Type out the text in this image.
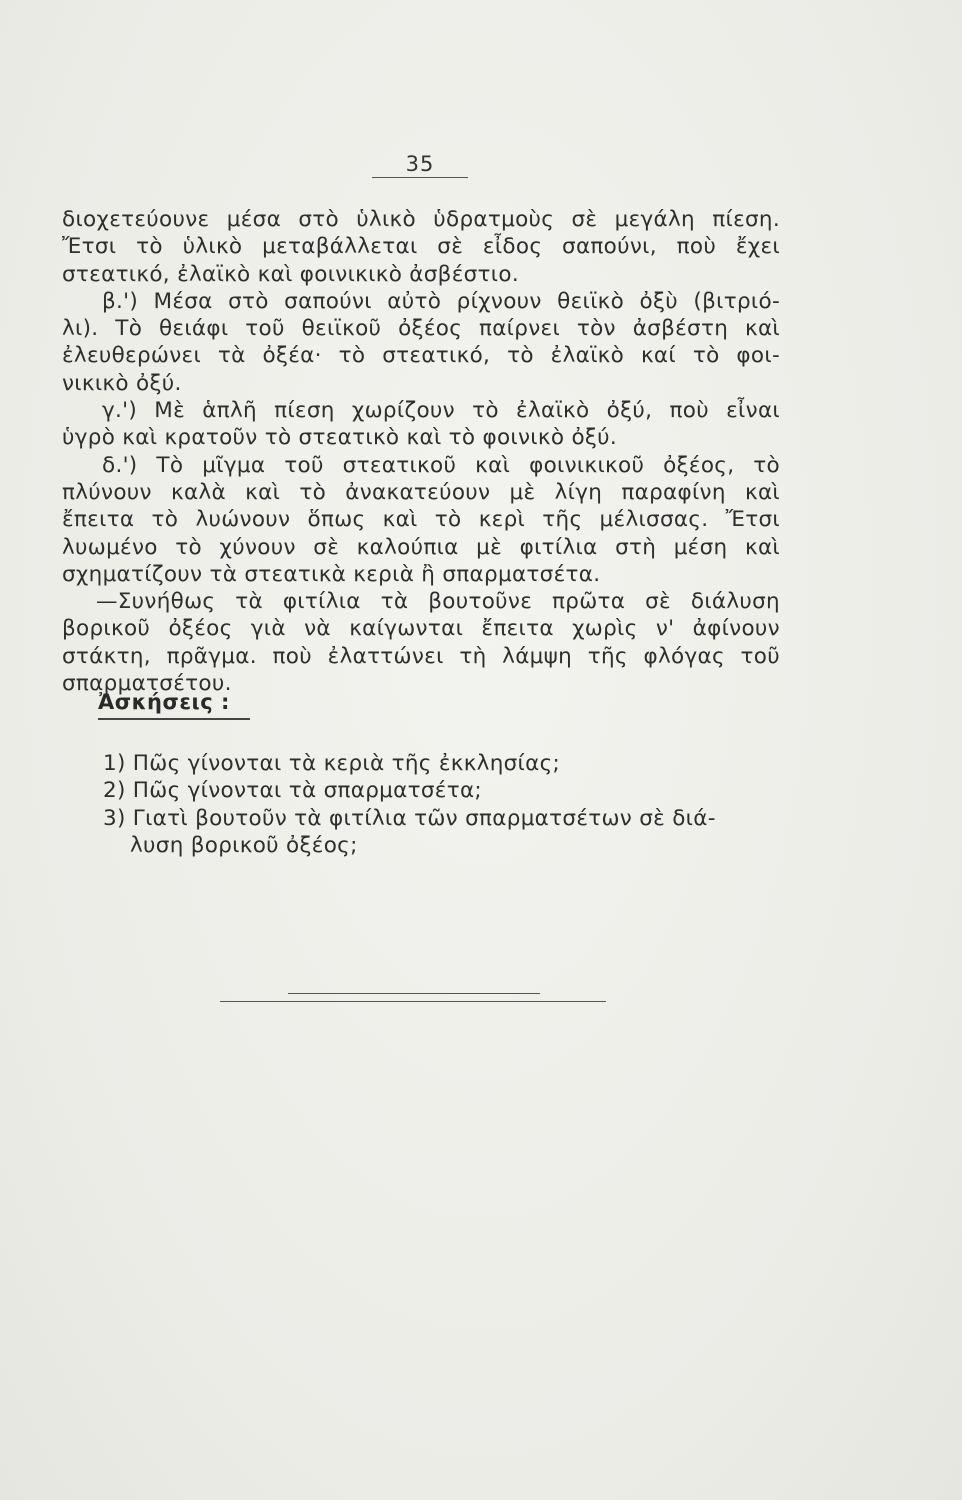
35
διοχετεύουνε μέσα στὸ ὑλικὸ ὑδρατμοὺς σὲ μεγάλη πίεση.
Ἔτσι τὸ ὑλικὸ μεταβάλλεται σὲ εἶδος σαπούνι, ποὺ ἔχει
στεατικό, ἐλαϊκὸ καὶ φοινικικὸ ἀσβέστιο.
β.') Μέσα στὸ σαπούνι αὐτὸ ρίχνουν θειϊκὸ ὀξὺ (βιτριό-
λι). Τὸ θειάφι τοῦ θειϊκοῦ ὀξέος παίρνει τὸν ἀσβέστη καὶ
ἐλευθερώνει τὰ ὀξέα· τὸ στεατικό, τὸ ἐλαϊκὸ καί τὸ φοι-
νικικὸ ὀξύ.
γ.') Μὲ ἁπλῆ πίεση χωρίζουν τὸ ἐλαϊκὸ ὀξύ, ποὺ εἶναι
ὑγρὸ καὶ κρατοῦν τὸ στεατικὸ καὶ τὸ φοινικὸ ὀξύ.
δ.') Τὸ μῖγμα τοῦ στεατικοῦ καὶ φοινικικοῦ ὀξέος, τὸ
πλύνουν καλὰ καὶ τὸ ἀνακατεύουν μὲ λίγη παραφίνη καὶ
ἔπειτα τὸ λυώνουν ὅπως καὶ τὸ κερὶ τῆς μέλισσας. Ἔτσι
λυωμένο τὸ χύνουν σὲ καλούπια μὲ φιτίλια στὴ μέση καὶ
σχηματίζουν τὰ στεατικὰ κεριὰ ἢ σπαρματσέτα.
—Συνήθως τὰ φιτίλια τὰ βουτοῦνε πρῶτα σὲ διάλυση
βορικοῦ ὀξέος γιὰ νὰ καίγωνται ἔπειτα χωρὶς ν' ἀφίνουν
στάκτη, πρᾶγμα. ποὺ ἐλαττώνει τὴ λάμψη τῆς φλόγας τοῦ
σπαρματσέτου.
Ἀσκήσεις :
1) Πῶς γίνονται τὰ κεριὰ τῆς ἐκκλησίας;
2) Πῶς γίνονται τὰ σπαρματσέτα;
3) Γιατὶ βουτοῦν τὰ φιτίλια τῶν σπαρματσέτων σὲ διά-
λυση βορικοῦ ὀξέος;
